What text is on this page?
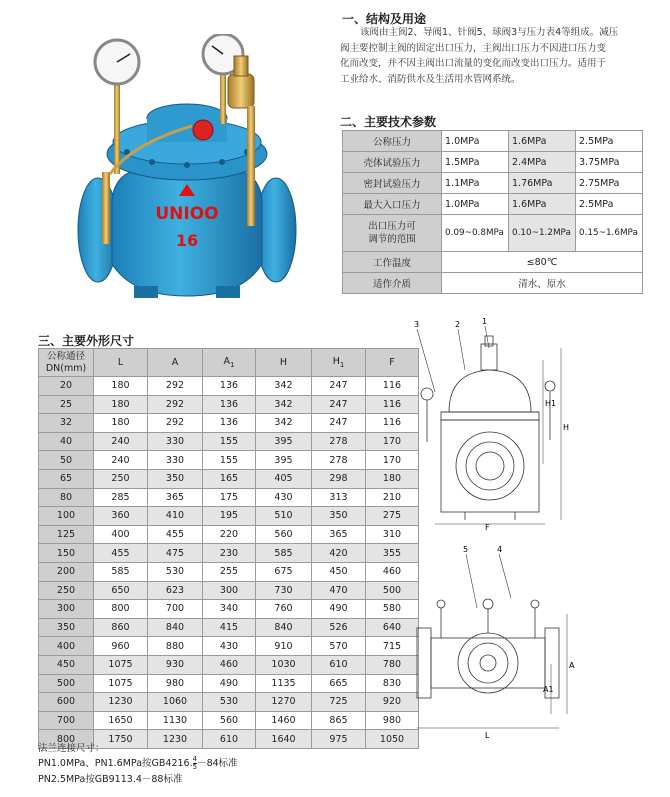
UNIOO
16
一、结构及用途
该阀由主阀2、导阀1、针阀5、球阀3与压力表4等组成。减压
阀主要控制主阀的固定出口压力，主阀出口压力不因进口压力变
化而改变，并不因主阀出口流量的变化而改变出口压力。适用于
工业给水、消防供水及生活用水管网系统。
二、主要技术参数
公称压力	1.0MPa	1.6MPa	2.5MPa
壳体试验压力	1.5MPa	2.4MPa	3.75MPa
密封试验压力	1.1MPa	1.76MPa	2.75MPa
最大入口压力	1.0MPa	1.6MPa	2.5MPa

出口压力可
调节的范围	0.09~0.8MPa	0.10~1.2MPa	0.15~1.6MPa
工作温度	≤80℃		
适作介质	清水、原水		
三、主要外形尺寸
公称通径
DN(mm)	L	A	$A_1$	H	$H_1$	F
20	180	292	136	342	247	116
25	180	292	136	342	247	116
32	180	292	136	342	247	116
40	240	330	155	395	278	170
50	240	330	155	395	278	170
65	250	350	165	405	298	180
80	285	365	175	430	313	210
100	360	410	195	510	350	275
125	400	455	220	560	365	310
150	455	475	230	585	420	355
200	585	530	255	675	450	460
250	650	623	300	730	470	500
300	800	700	340	760	490	580
350	860	840	415	840	526	640
400	960	880	430	910	570	715
450	1075	930	460	1030	610	780
500	1075	980	490	1135	665	830
600	1230	1060	530	1270	725	920
700	1650	1130	560	1460	865	980
800	1750	1230	610	1640	975	1050
法兰连接尺寸：
PN1.0MPa、PN1.6MPa按GB4216. $\frac{4}{5} -84$标准
PN2.5MPa按GB9113.4－88标准
3	2	1
H1
H
F
5	4
A
A1
L
